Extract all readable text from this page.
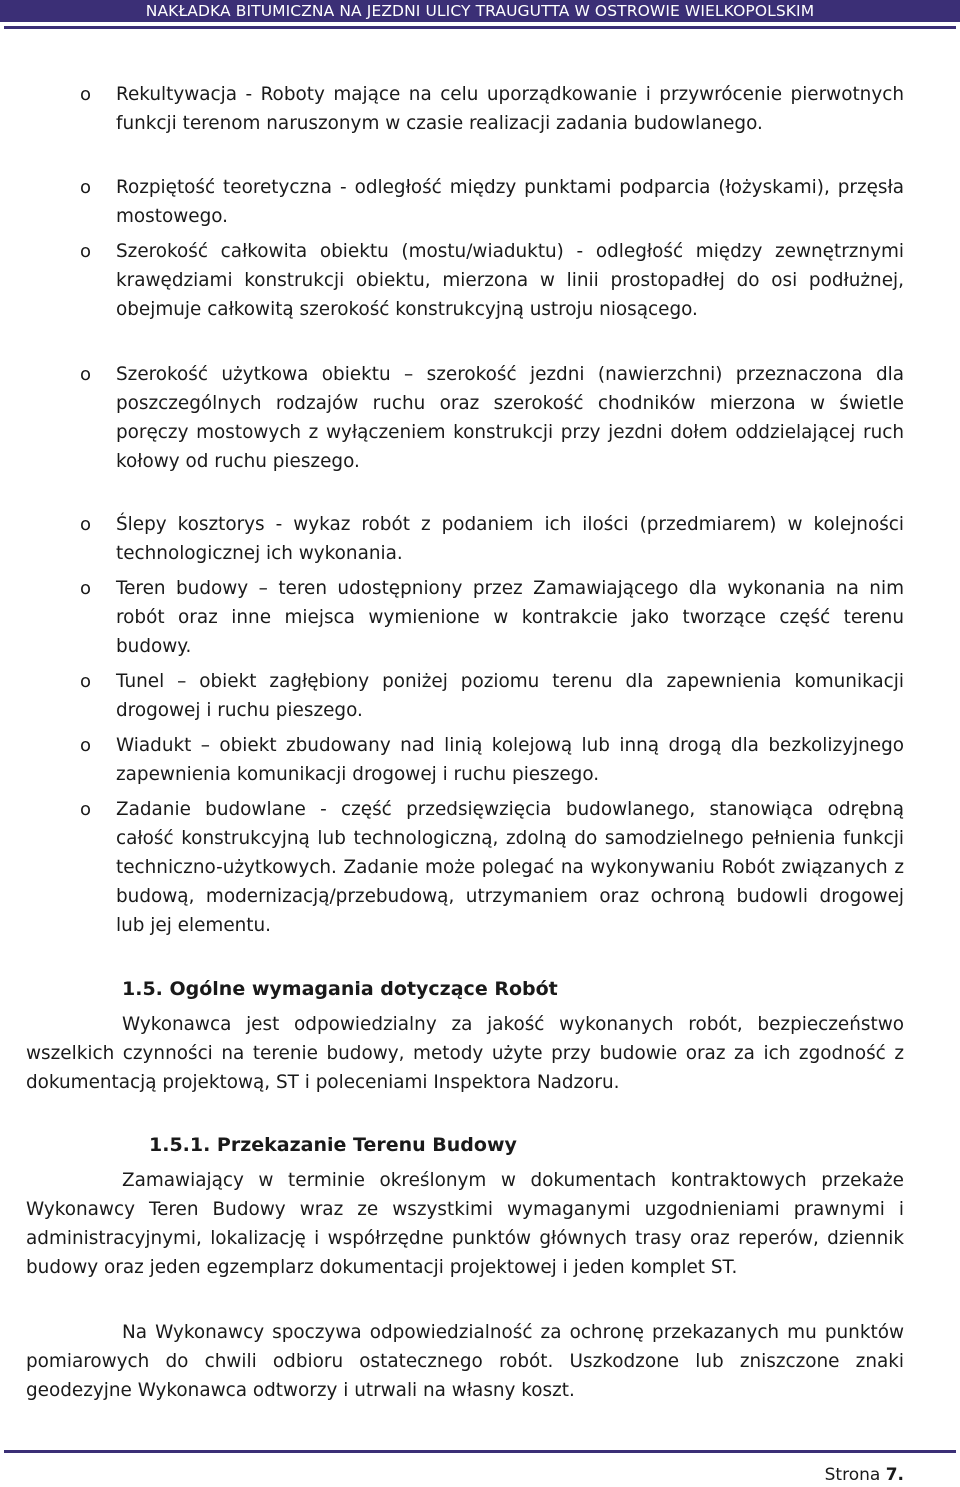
NAKŁADKA BITUMICZNA NA JEZDNI ULICY TRAUGUTTA W OSTROWIE WIELKOPOLSKIM
o Rekultywacja - Roboty mające na celu uporządkowanie i przywrócenie pierwotnych funkcji terenom naruszonym w czasie realizacji zadania budowlanego.
o Rozpiętość teoretyczna - odległość między punktami podparcia (łożyskami), przęsła mostowego.
o Szerokość całkowita obiektu (mostu/wiaduktu) - odległość między zewnętrznymi krawędziami konstrukcji obiektu, mierzona w linii prostopadłej do osi podłużnej, obejmuje całkowitą szerokość konstrukcyjną ustroju niosącego.
o Szerokość użytkowa obiektu – szerokość jezdni (nawierzchni) przeznaczona dla poszczególnych rodzajów ruchu oraz szerokość chodników mierzona w świetle poręczy mostowych z wyłączeniem konstrukcji przy jezdni dołem oddzielającej ruch kołowy od ruchu pieszego.
o Ślepy kosztorys - wykaz robót z podaniem ich ilości (przedmiarem) w kolejności technologicznej ich wykonania.
o Teren budowy – teren udostępniony przez Zamawiającego dla wykonania na nim robót oraz inne miejsca wymienione w kontrakcie jako tworzące część terenu budowy.
o Tunel – obiekt zagłębiony poniżej poziomu terenu dla zapewnienia komunikacji drogowej i ruchu pieszego.
o Wiadukt – obiekt zbudowany nad linią kolejową lub inną drogą dla bezkolizyjnego zapewnienia komunikacji drogowej i ruchu pieszego.
o Zadanie budowlane - część przedsięwzięcia budowlanego, stanowiąca odrębną całość konstrukcyjną lub technologiczną, zdolną do samodzielnego pełnienia funkcji techniczno-użytkowych. Zadanie może polegać na wykonywaniu Robót związanych z budową, modernizacją/przebudową, utrzymaniem oraz ochroną budowli drogowej lub jej elementu.
1.5. Ogólne wymagania dotyczące Robót
Wykonawca jest odpowiedzialny za jakość wykonanych robót, bezpieczeństwo wszelkich czynności na terenie budowy, metody użyte przy budowie oraz za ich zgodność z dokumentacją projektową, ST i poleceniami Inspektora Nadzoru.
1.5.1. Przekazanie Terenu Budowy
Zamawiający w terminie określonym w dokumentach kontraktowych przekaże Wykonawcy Teren Budowy wraz ze wszystkimi wymaganymi uzgodnieniami prawnymi i administracyjnymi, lokalizację i współrzędne punktów głównych trasy oraz reperów, dziennik budowy oraz jeden egzemplarz dokumentacji projektowej i jeden komplet ST.
Na Wykonawcy spoczywa odpowiedzialność za ochronę przekazanych mu punktów pomiarowych do chwili odbioru ostatecznego robót. Uszkodzone lub zniszczone znaki geodezyjne Wykonawca odtworzy i utrwali na własny koszt.
Strona 7.
